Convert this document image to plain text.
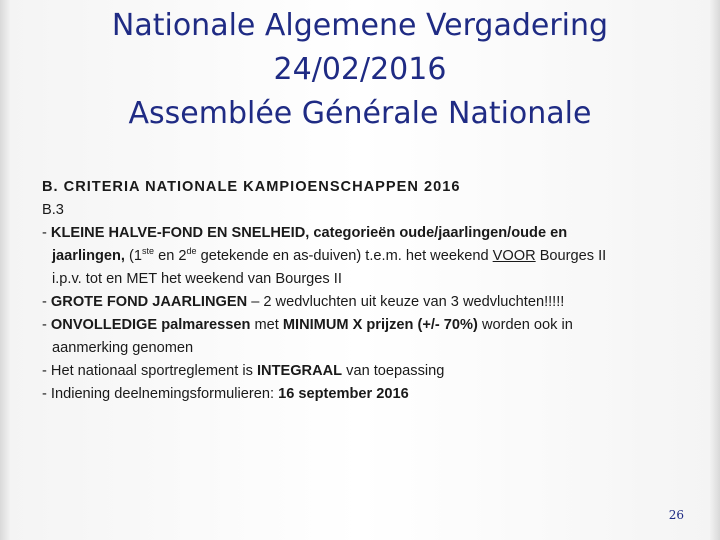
Nationale Algemene Vergadering
24/02/2016
Assemblée Générale Nationale
B. CRITERIA NATIONALE KAMPIOENSCHAPPEN 2016
B.3
- KLEINE HALVE-FOND EN SNELHEID, categorieën oude/jaarlingen/oude en
jaarlingen, (1ste en 2de getekende en as-duiven) t.e.m. het weekend VOOR Bourges II
i.p.v. tot en MET het weekend van Bourges II
- GROTE FOND JAARLINGEN – 2 wedvluchten uit keuze van 3 wedvluchten!!!!!
- ONVOLLEDIGE palmaressen met MINIMUM X prijzen (+/- 70%) worden ook in
aanmerking genomen
- Het nationaal sportreglement is INTEGRAAL van toepassing
- Indiening deelnemingsformulieren: 16 september 2016
26
